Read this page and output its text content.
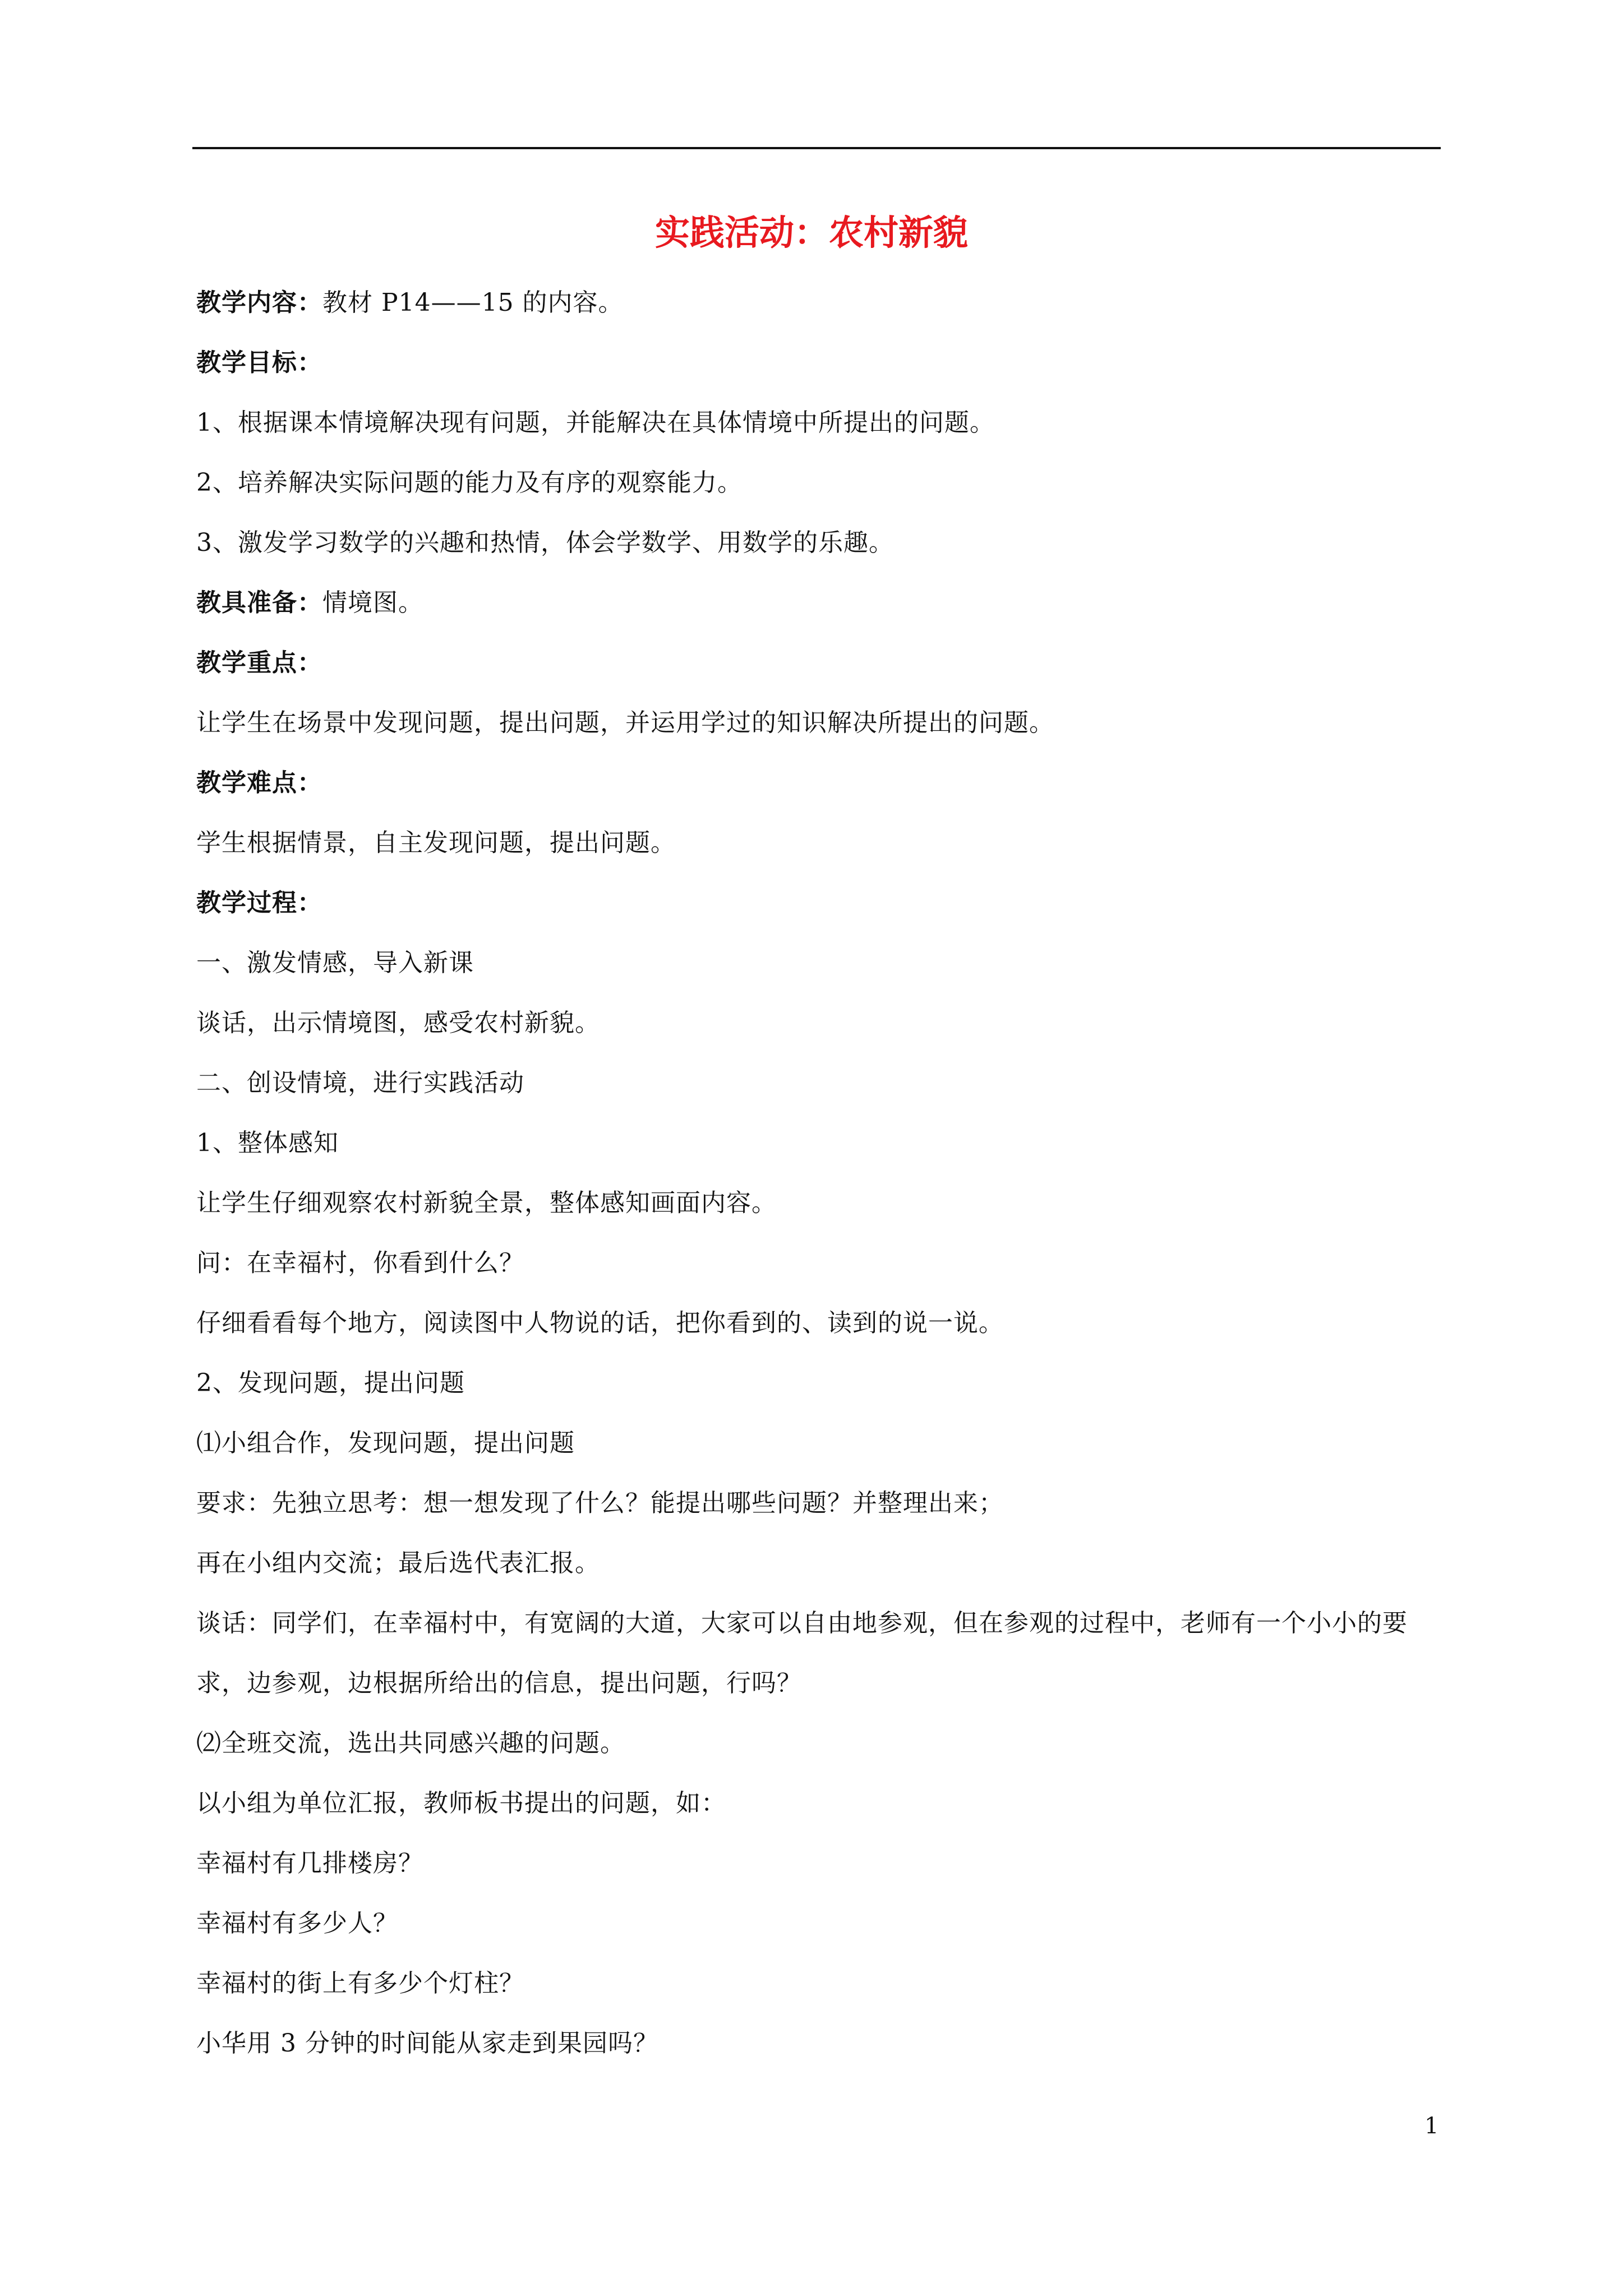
实践活动：农村新貌
教学内容：教材 P14——15 的内容。
教学目标：
1、根据课本情境解决现有问题，并能解决在具体情境中所提出的问题。
2、培养解决实际问题的能力及有序的观察能力。
3、激发学习数学的兴趣和热情，体会学数学、用数学的乐趣。
教具准备：情境图。
教学重点：
让学生在场景中发现问题，提出问题，并运用学过的知识解决所提出的问题。
教学难点：
学生根据情景，自主发现问题，提出问题。
教学过程：
一、激发情感，导入新课
谈话，出示情境图，感受农村新貌。
二、创设情境，进行实践活动
1、整体感知
让学生仔细观察农村新貌全景，整体感知画面内容。
问：在幸福村，你看到什么？
仔细看看每个地方，阅读图中人物说的话，把你看到的、读到的说一说。
2、发现问题，提出问题
⑴小组合作，发现问题，提出问题
要求：先独立思考：想一想发现了什么？能提出哪些问题？并整理出来；
再在小组内交流；最后选代表汇报。
谈话：同学们，在幸福村中，有宽阔的大道，大家可以自由地参观，但在参观的过程中，老师有一个小小的要求，边参观，边根据所给出的信息，提出问题，行吗？
⑵全班交流，选出共同感兴趣的问题。
以小组为单位汇报，教师板书提出的问题，如：
幸福村有几排楼房？
幸福村有多少人？
幸福村的街上有多少个灯柱？
小华用 3 分钟的时间能从家走到果园吗？
1
